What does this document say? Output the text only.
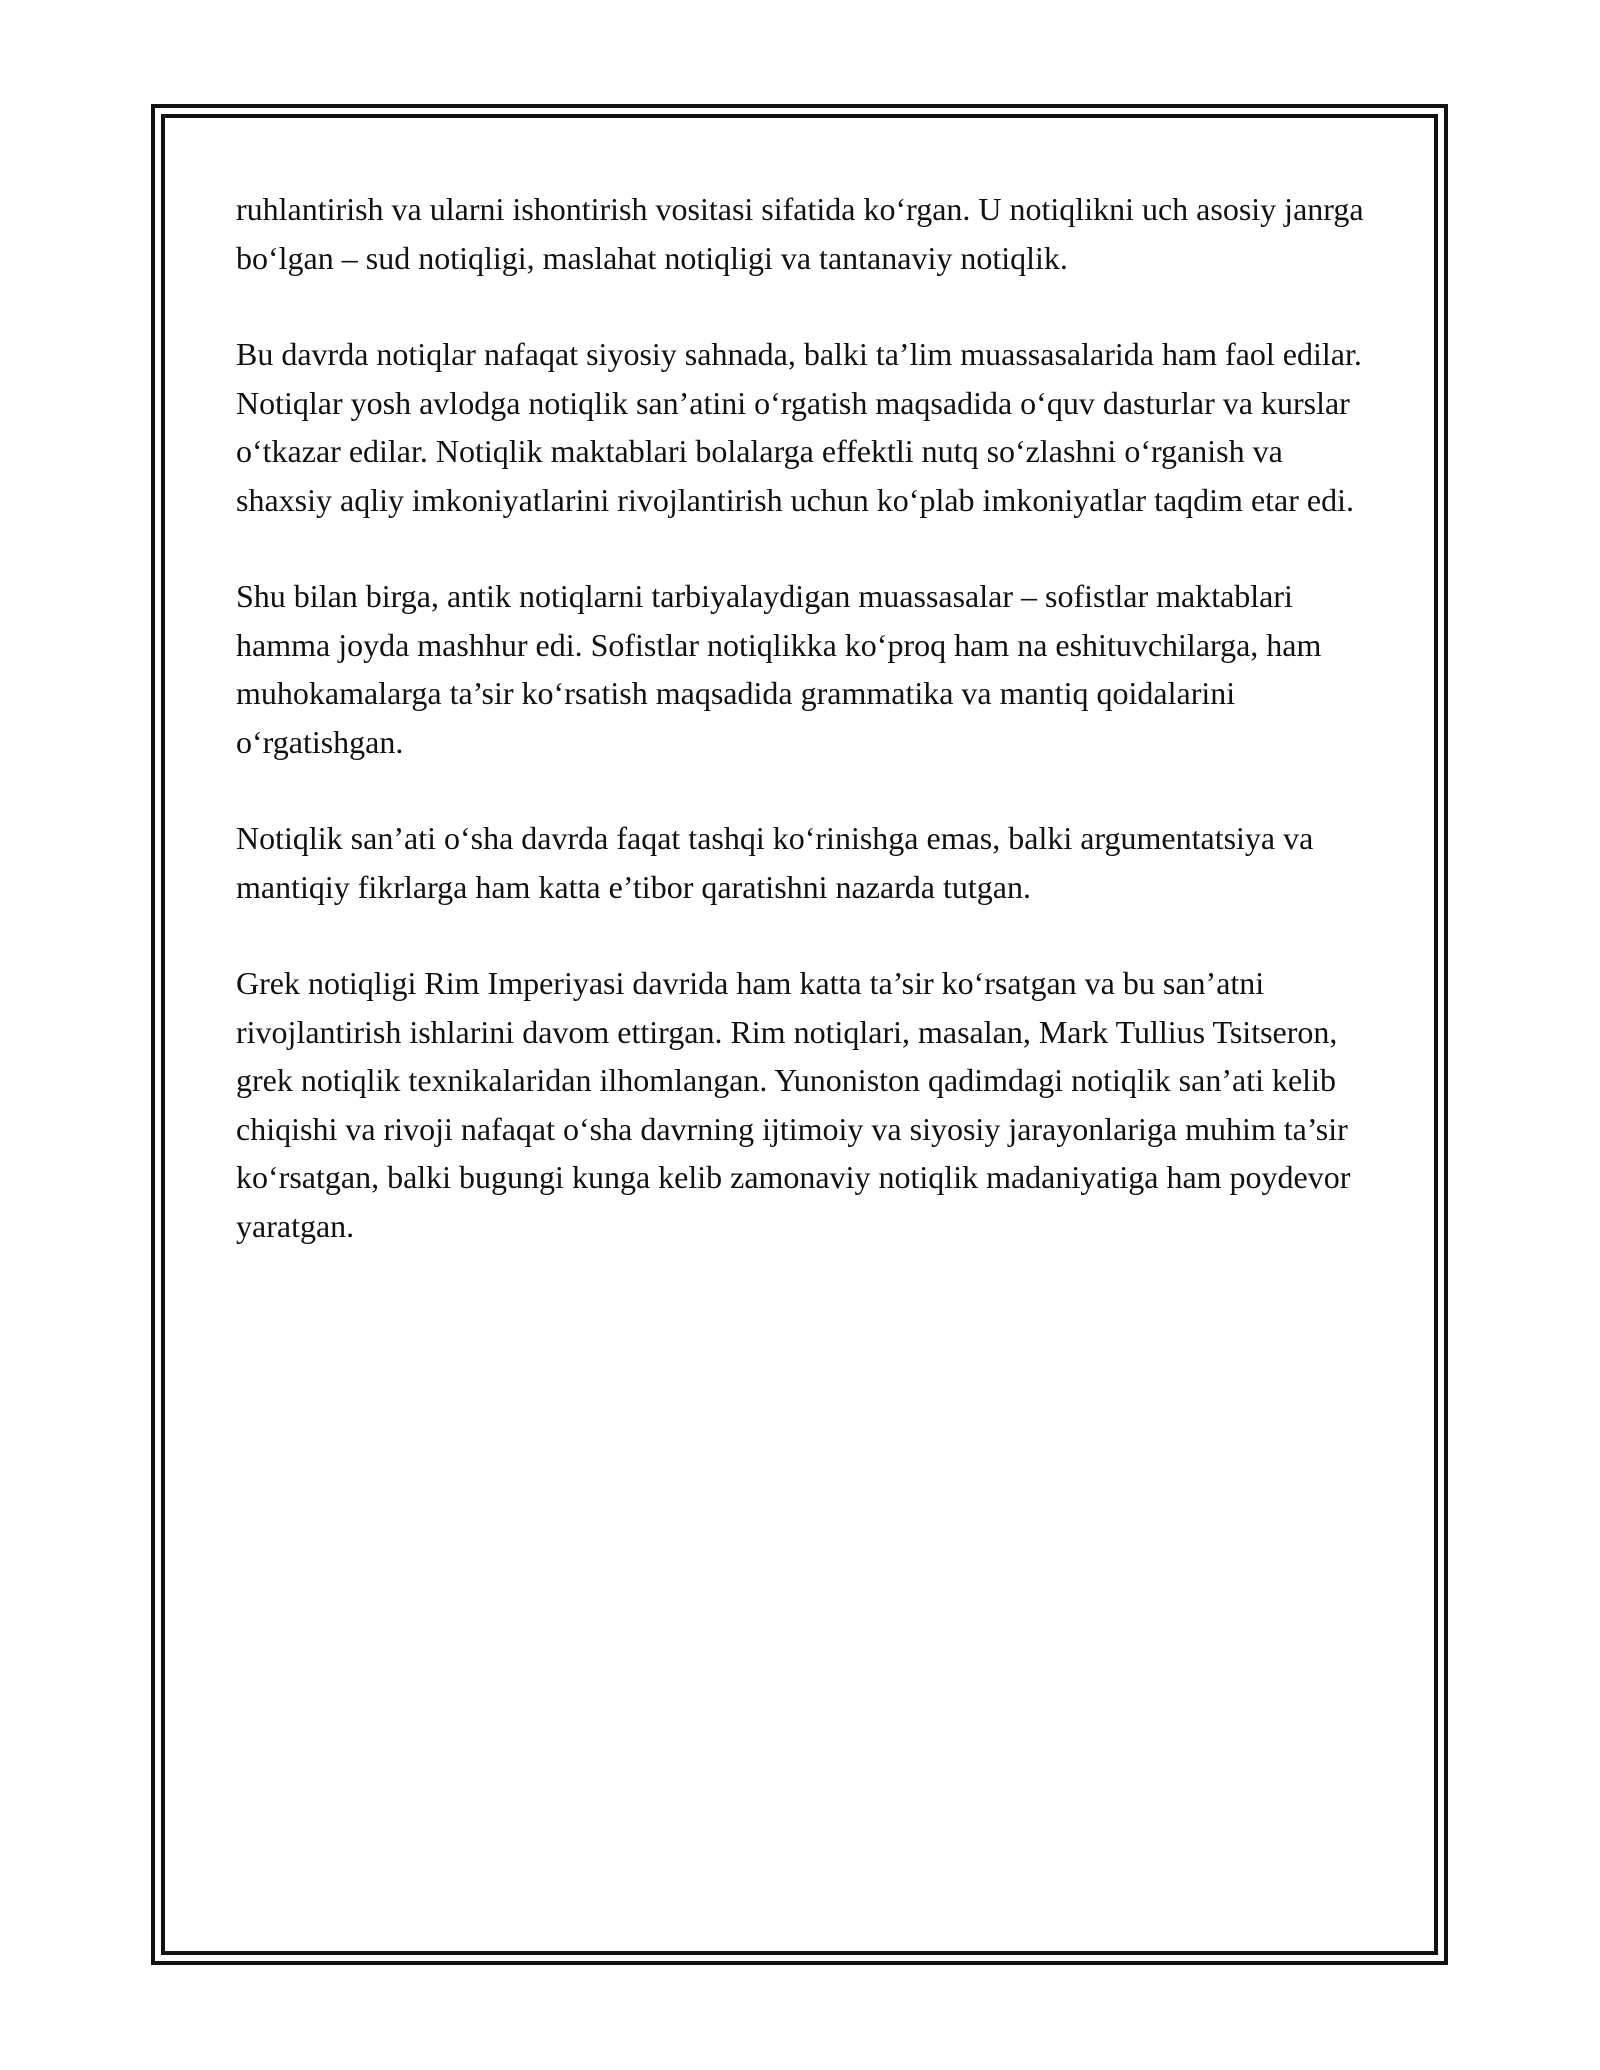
ruhlantirish va ularni ishontirish vositasi sifatida ko‘rgan. U notiqlikni uch asosiy janrga bo‘lgan – sud notiqligi, maslahat notiqligi va tantanaviy notiqlik.

Bu davrda notiqlar nafaqat siyosiy sahnada, balki ta’lim muassasalarida ham faol edilar. Notiqlar yosh avlodga notiqlik san’atini o‘rgatish maqsadida o‘quv dasturlar va kurslar o‘tkazar edilar. Notiqlik maktablari bolalarga effektli nutq so‘zlashni o‘rganish va shaxsiy aqliy imkoniyatlarini rivojlantirish uchun ko‘plab imkoniyatlar taqdim etar edi.

Shu bilan birga, antik notiqlarni tarbiyalaydigan muassasalar – sofistlar maktablari hamma joyda mashhur edi. Sofistlar notiqlikka ko‘proq ham na eshituvchilarga, ham muhokamalarga ta’sir ko‘rsatish maqsadida grammatika va mantiq qoidalarini o‘rgatishgan.

Notiqlik san’ati o‘sha davrda faqat tashqi ko‘rinishga emas, balki argumentatsiya va mantiqiy fikrlarga ham katta e’tibor qaratishni nazarda tutgan.

Grek notiqligi Rim Imperiyasi davrida ham katta ta’sir ko‘rsatgan va bu san’atni rivojlantirish ishlarini davom ettirgan. Rim notiqlari, masalan, Mark Tullius Tsitseron, grek notiqlik texnikalaridan ilhomlangan. Yunoniston qadimdagi notiqlik san’ati kelib chiqishi va rivoji nafaqat o‘sha davrning ijtimoiy va siyosiy jarayonlariga muhim ta’sir ko‘rsatgan, balki bugungi kunga kelib zamonaviy notiqlik madaniyatiga ham poydevor yaratgan.
